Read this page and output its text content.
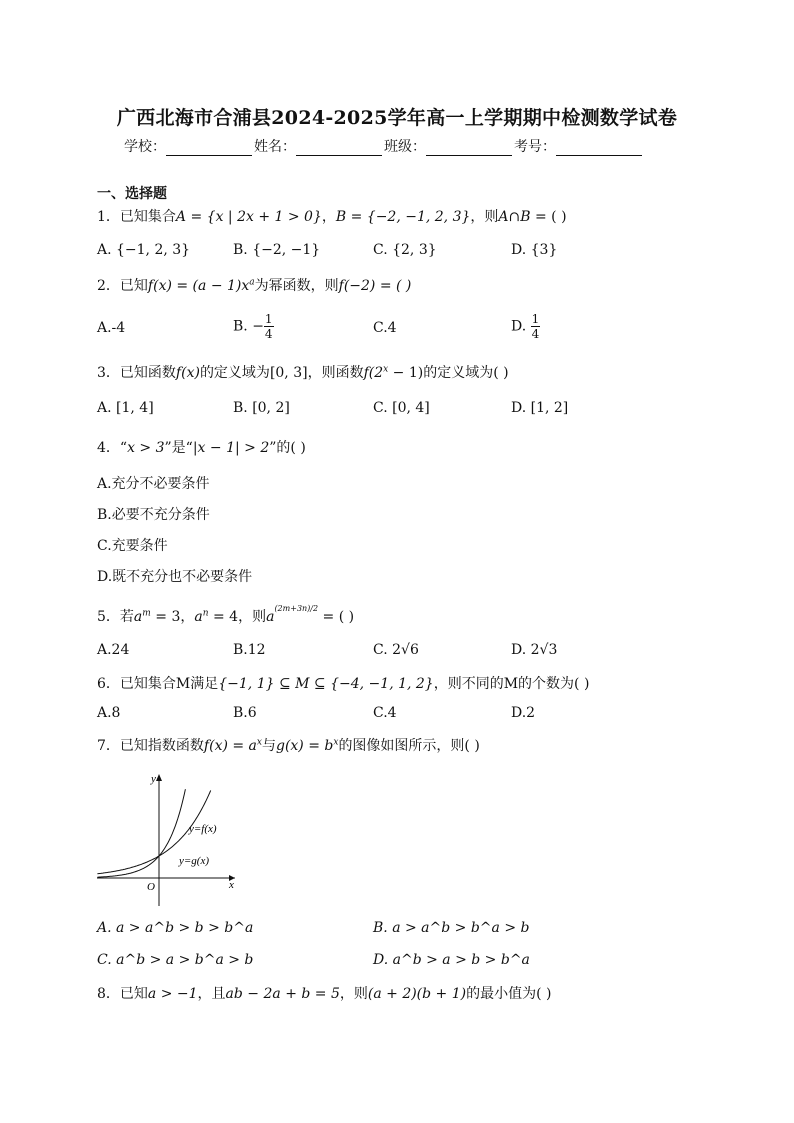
广西北海市合浦县2024-2025学年高一上学期期中检测数学试卷
学校：	姓名：	班级：	考号：
一、选择题
1．已知集合A = {x | 2x + 1 > 0}，B = {−2, −1, 2, 3}，则A∩B = ( )
A. {−1, 2, 3}	B. {−2, −1}	C. {2, 3}	D. {3}
2．已知$f(x) = (a - 1)x^a$为幂函数，则f(−2) = ( )
A.-4	B. − $\frac{1}{4}$	C.4	D. $\frac{1}{4}$
3．已知函数f(x)的定义域为[0, 3]，则函数$f(2^x - 1)$的定义域为( )
A. [1, 4]	B. [0, 2]	C. [0, 4]	D. [1, 2]
4．“x > 3”是“|x − 1| > 2”的( )
A.充分不必要条件
B.必要不充分条件
C.充要条件
D.既不充分也不必要条件
5．若$a^m = 3$，$a^n = 4$，则$a^{(2m+3n)/2}$ = ( )
A.24	B.12	C. 2√6	D. 2√3
6．已知集合M满足{−1, 1} ⊆ M ⊆ {−4, −1, 1, 2}，则不同的M的个数为( )
A.8	B.6	C.4	D.2
7．已知指数函数$f(x) = a^x$与$g(x) = b^x$的图像如图所示，则( )
y
x
O
y=f(x)
y=g(x)
A. a > a^b > b > b^a	B. a > a^b > b^a > b
C. a^b > a > b^a > b	D. a^b > a > b > b^a
8．已知a > −1，且ab − 2a + b = 5，则(a + 2)(b + 1)的最小值为( )
